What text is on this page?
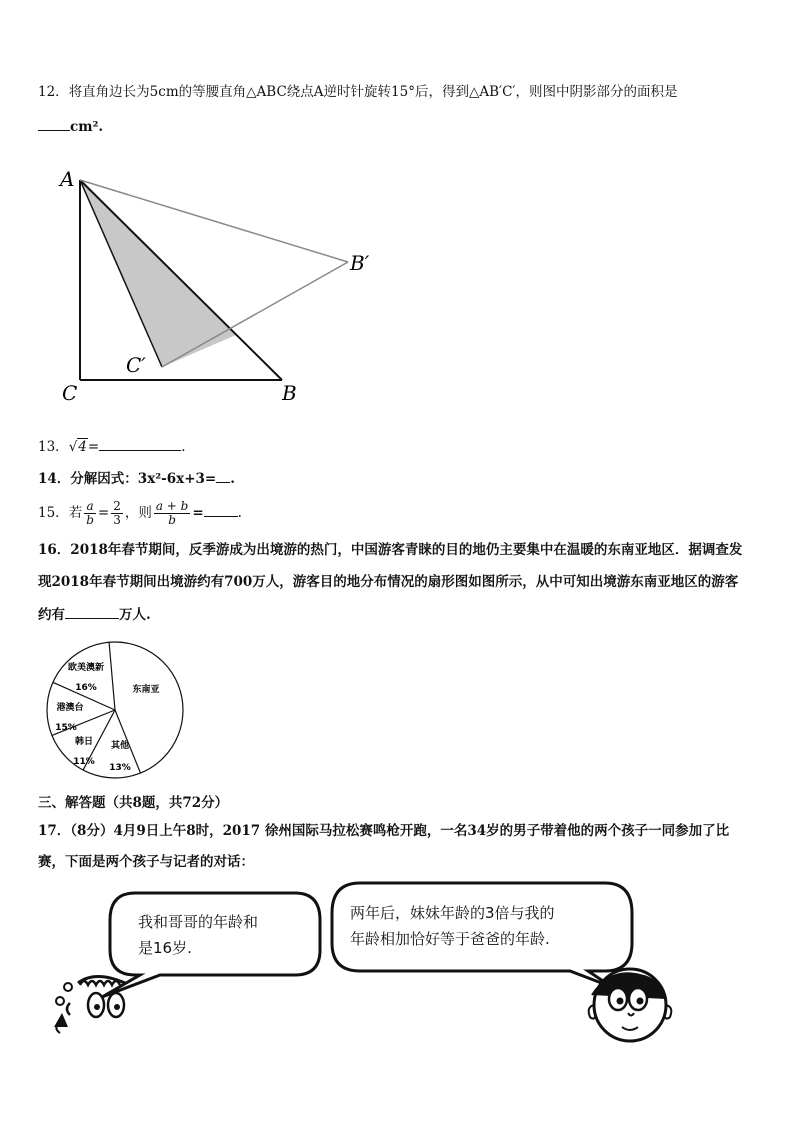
12．将直角边长为5cm的等腰直角△ABC绕点A逆时针旋转15°后，得到△AB′C′，则图中阴影部分的面积是
cm².
A
C	B
B′
C′
13．√4=	.
14．分解因式：3x²-6x+3= .
15．若 $\frac{a}{b} = \frac{2}{3}$ ，则 $\frac{a + b}{b}$ =	.
16．2018年春节期间，反季游成为出境游的热门，中国游客青睐的目的地仍主要集中在温暖的东南亚地区．据调查发
现2018年春节期间出境游约有700万人，游客目的地分布情况的扇形图如图所示，从中可知出境游东南亚地区的游客
约有	万人.
欧美澳新
16%	东南亚
其他
13%
韩日
11%
港澳台
15%
三、解答题（共8题，共72分）
17．（8分）4月9日上午8时，2017 徐州国际马拉松赛鸣枪开跑，一名34岁的男子带着他的两个孩子一同参加了比
赛，下面是两个孩子与记者的对话：
我和哥哥的年龄和
是16岁.
两年后，妹妹年龄的3倍与我的
年龄相加恰好等于爸爸的年龄.
